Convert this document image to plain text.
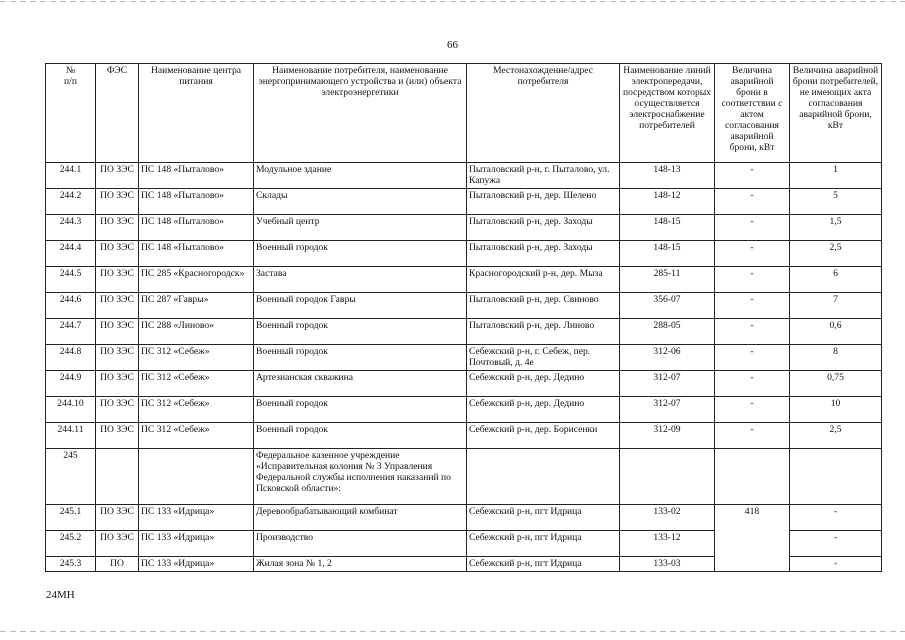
66
№
п/п	ФЭС	Наименование центра питания	Наименование потребителя, наименование энергопринимающего устройства и (или) объекта электроэнергетики	Местонахождение/адрес потребителя	Наименование линий электропередачи, посредством которых осуществляется электроснабжение потребителей	Величина аварийной брони в соответствии с актом согласования аварийной брони, кВт	Величина аварийной брони потребителей, не имеющих акта согласования аварийной брони, кВт
244.1	ПО ЗЭС	ПС 148 «Пыталово»	Модульное здание	Пыталовский р-н, г. Пыталово, ул. Капужа	148-13	-	1
244.2	ПО ЗЭС	ПС 148 «Пыталово»	Склады	Пыталовский р-н, дер. Шелено	148-12	-	5
244.3	ПО ЗЭС	ПС 148 «Пыталово»	Учебный центр	Пыталовский р-н, дер. Заходы	148-15	-	1,5
244.4	ПО ЗЭС	ПС 148 «Пыталово»	Военный городок	Пыталовский р-н, дер. Заходы	148-15	-	2,5
244.5	ПО ЗЭС	ПС 285 «Красногородск»	Застава	Красногородский р-н, дер. Мыза	285-11	-	6
244.6	ПО ЗЭС	ПС 287 «Гавры»	Военный городок Гавры	Пыталовский р-н, дер. Свиново	356-07	-	7
244.7	ПО ЗЭС	ПС 288 «Линово»	Военный городок	Пыталовский р-н, дер. Линово	288-05	-	0,6
244.8	ПО ЗЭС	ПС 312 «Себеж»	Военный городок	Себежский р-н, г. Себеж, пер. Почтовый, д. 4е	312-06	-	8
244.9	ПО ЗЭС	ПС 312 «Себеж»	Артезианская скважина	Себежский р-н, дер. Дедино	312-07	-	0,75
244.10	ПО ЗЭС	ПС 312 «Себеж»	Военный городок	Себежский р-н, дер. Дедино	312-07	-	10
244.11	ПО ЗЭС	ПС 312 «Себеж»	Военный городок	Себежский р-н, дер. Борисенки	312-09	-	2,5
245			Федеральное казенное учреждение «Исправительная колония № 3 Управления Федеральной службы исполнения наказаний по Псковской области»:				
245.1	ПО ЗЭС	ПС 133 «Идрица»	Деревообрабатывающий комбинат	Себежский р-н, пгт Идрица	133-02	418	-
245.2	ПО ЗЭС	ПС 133 «Идрица»	Производство	Себежский р-н, пгт Идрица	133-12		-
245.3	ПО	ПС 133 «Идрица»	Жилая зона № 1, 2	Себежский р-н, пгт Идрица	133-03		-
24МН
